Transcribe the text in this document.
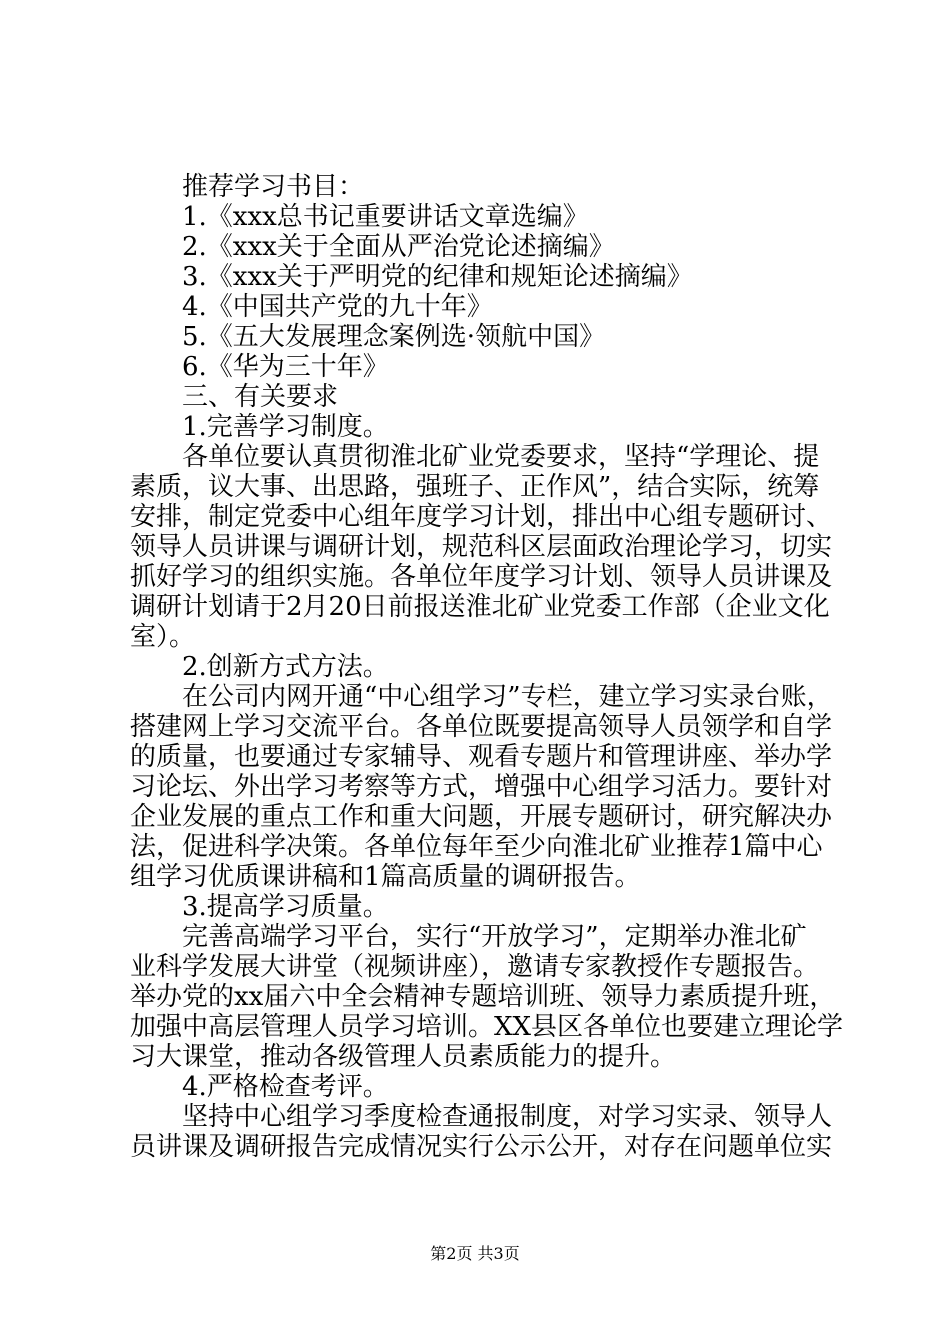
推荐学习书目：
1.《xxx总书记重要讲话文章选编》
2.《xxx关于全面从严治党论述摘编》
3.《xxx关于严明党的纪律和规矩论述摘编》
4.《中国共产党的九十年》
5.《五大发展理念案例选·领航中国》
6.《华为三十年》
三、有关要求
1.完善学习制度。
各单位要认真贯彻淮北矿业党委要求，坚持“学理论、提
素质，议大事、出思路，强班子、正作风”，结合实际，统筹
安排，制定党委中心组年度学习计划，排出中心组专题研讨、
领导人员讲课与调研计划，规范科区层面政治理论学习，切实
抓好学习的组织实施。各单位年度学习计划、领导人员讲课及
调研计划请于2月20日前报送淮北矿业党委工作部（企业文化
室）。
2.创新方式方法。
在公司内网开通“中心组学习”专栏，建立学习实录台账，
搭建网上学习交流平台。各单位既要提高领导人员领学和自学
的质量，也要通过专家辅导、观看专题片和管理讲座、举办学
习论坛、外出学习考察等方式，增强中心组学习活力。要针对
企业发展的重点工作和重大问题，开展专题研讨，研究解决办
法，促进科学决策。各单位每年至少向淮北矿业推荐1篇中心
组学习优质课讲稿和1篇高质量的调研报告。
3.提高学习质量。
完善高端学习平台，实行“开放学习”，定期举办淮北矿
业科学发展大讲堂（视频讲座），邀请专家教授作专题报告。
举办党的xx届六中全会精神专题培训班、领导力素质提升班，
加强中高层管理人员学习培训。XX县区各单位也要建立理论学
习大课堂，推动各级管理人员素质能力的提升。
4.严格检查考评。
坚持中心组学习季度检查通报制度，对学习实录、领导人
员讲课及调研报告完成情况实行公示公开，对存在问题单位实
第2页 共3页
